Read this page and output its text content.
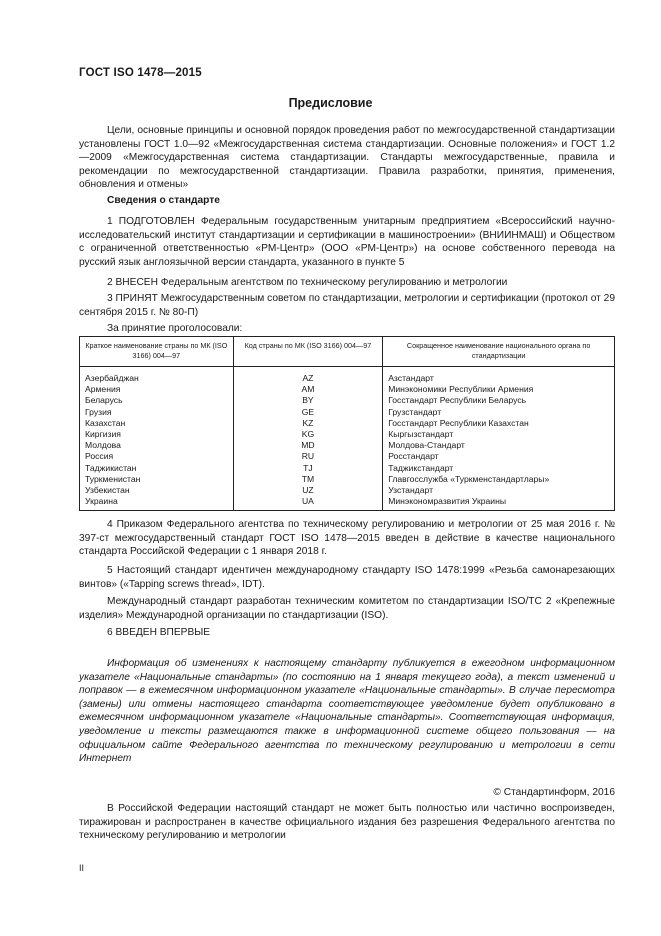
ГОСТ ISO 1478—2015
Предисловие
Цели, основные принципы и основной порядок проведения работ по межгосударственной стандартизации установлены ГОСТ 1.0—92 «Межгосударственная система стандартизации. Основные положения» и ГОСТ 1.2—2009 «Межгосударственная система стандартизации. Стандарты межгосударственные, правила и рекомендации по межгосударственной стандартизации. Правила разработки, принятия, применения, обновления и отмены»
Сведения о стандарте
1 ПОДГОТОВЛЕН Федеральным государственным унитарным предприятием «Всероссийский научно-исследовательский институт стандартизации и сертификации в машиностроении» (ВНИИНМАШ) и Обществом с ограниченной ответственностью «РМ-Центр» (ООО «РМ-Центр») на основе собственного перевода на русский язык англоязычной версии стандарта, указанного в пункте 5
2 ВНЕСЕН Федеральным агентством по техническому регулированию и метрологии
3 ПРИНЯТ Межгосударственным советом по стандартизации, метрологии и сертификации (протокол от 29 сентября 2015 г. № 80-П)
За принятие проголосовали:
Краткое наименование страны по МК (ISO 3166) 004—97	Код страны по МК (ISO 3166) 004—97	Сокращенное наименование национального органа по стандартизации
Азербайджан	AZ	Азстандарт
Армения	AM	Минэкономики Республики Армения
Беларусь	BY	Госстандарт Республики Беларусь
Грузия	GE	Грузстандарт
Казахстан	KZ	Госстандарт Республики Казахстан
Киргизия	KG	Кыргызстандарт
Молдова	MD	Молдова-Стандарт
Россия	RU	Росстандарт
Таджикистан	TJ	Таджикстандарт
Туркменистан	TM	Главгосслужба «Туркменстандартлары»
Узбекистан	UZ	Узстандарт
Украина	UA	Минэкономразвития Украины
4 Приказом Федерального агентства по техническому регулированию и метрологии от 25 мая 2016 г. № 397-ст межгосударственный стандарт ГОСТ ISO 1478—2015 введен в действие в качестве национального стандарта Российской Федерации с 1 января 2018 г.
5 Настоящий стандарт идентичен международному стандарту ISO 1478:1999 «Резьба самонарезающих винтов» («Tapping screws thread», IDT).
Международный стандарт разработан техническим комитетом по стандартизации ISO/TC 2 «Крепежные изделия» Международной организации по стандартизации (ISO).
6 ВВЕДЕН ВПЕРВЫЕ
Информация об изменениях к настоящему стандарту публикуется в ежегодном информационном указателе «Национальные стандарты» (по состоянию на 1 января текущего года), а текст изменений и поправок — в ежемесячном информационном указателе «Национальные стандарты». В случае пересмотра (замены) или отмены настоящего стандарта соответствующее уведомление будет опубликовано в ежемесячном информационном указателе «Национальные стандарты». Соответствующая информация, уведомление и тексты размещаются также в информационной системе общего пользования — на официальном сайте Федерального агентства по техническому регулированию и метрологии в сети Интернет
© Стандартинформ, 2016
В Российской Федерации настоящий стандарт не может быть полностью или частично воспроизведен, тиражирован и распространен в качестве официального издания без разрешения Федерального агентства по техническому регулированию и метрологии
II
